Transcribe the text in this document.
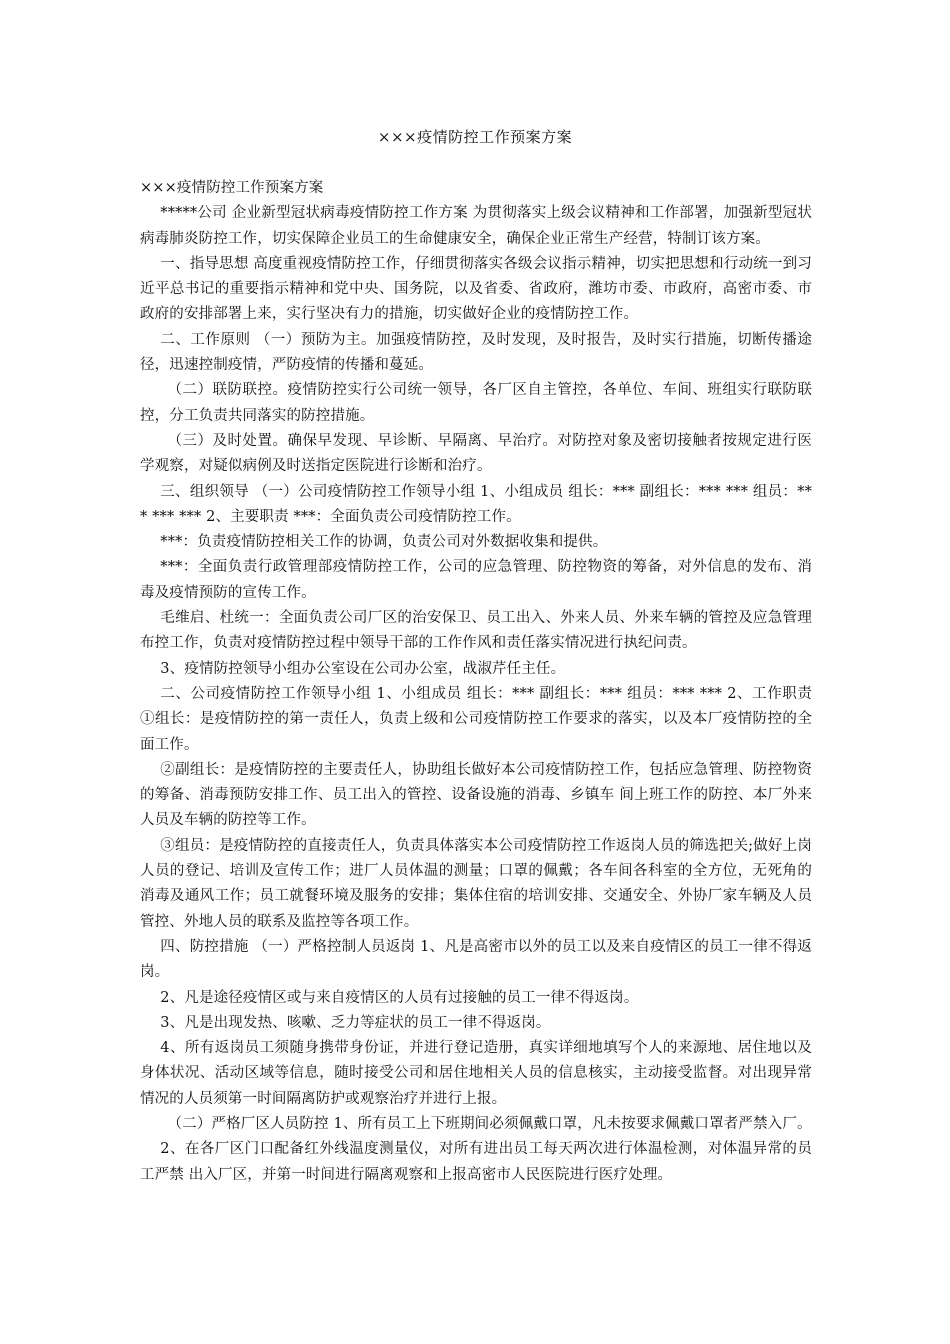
×××疫情防控工作预案方案

×××疫情防控工作预案方案

*****公司 企业新型冠状病毒疫情防控工作方案 为贯彻落实上级会议精神和工作部署，加强新型冠状病毒肺炎防控工作，切实保障企业员工的生命健康安全，确保企业正常生产经营，特制订该方案。

一、指导思想 高度重视疫情防控工作，仔细贯彻落实各级会议指示精神，切实把思想和行动统一到习近平总书记的重要指示精神和党中央、国务院，以及省委、省政府，潍坊市委、市政府，高密市委、市政府的安排部署上来，实行坚决有力的措施，切实做好企业的疫情防控工作。

二、工作原则 （一）预防为主。加强疫情防控，及时发现，及时报告，及时实行措施，切断传播途径，迅速控制疫情，严防疫情的传播和蔓延。

（二）联防联控。疫情防控实行公司统一领导，各厂区自主管控，各单位、车间、班组实行联防联控，分工负责共同落实的防控措施。

（三）及时处置。确保早发现、早诊断、早隔离、早治疗。对防控对象及密切接触者按规定进行医学观察，对疑似病例及时送指定医院进行诊断和治疗。

三、组织领导 （一）公司疫情防控工作领导小组 1、小组成员 组长：*** 副组长：*** *** 组员：*** *** *** 2、主要职责 ***：全面负责公司疫情防控工作。

***：负责疫情防控相关工作的协调，负责公司对外数据收集和提供。

***：全面负责行政管理部疫情防控工作，公司的应急管理、防控物资的筹备，对外信息的发布、消毒及疫情预防的宣传工作。

毛维启、杜统一：全面负责公司厂区的治安保卫、员工出入、外来人员、外来车辆的管控及应急管理布控工作，负责对疫情防控过程中领导干部的工作作风和责任落实情况进行执纪问责。

3、疫情防控领导小组办公室设在公司办公室，战淑芹任主任。

二、公司疫情防控工作领导小组 1、小组成员 组长：*** 副组长：*** 组员：*** *** 2、工作职责 ①组长：是疫情防控的第一责任人，负责上级和公司疫情防控工作要求的落实，以及本厂疫情防控的全面工作。

②副组长：是疫情防控的主要责任人，协助组长做好本公司疫情防控工作，包括应急管理、防控物资的筹备、消毒预防安排工作、员工出入的管控、设备设施的消毒、乡镇车 间上班工作的防控、本厂外来人员及车辆的防控等工作。

③组员：是疫情防控的直接责任人，负责具体落实本公司疫情防控工作返岗人员的筛选把关;做好上岗人员的登记、培训及宣传工作；进厂人员体温的测量；口罩的佩戴；各车间各科室的全方位，无死角的消毒及通风工作；员工就餐环境及服务的安排；集体住宿的培训安排、交通安全、外协厂家车辆及人员管控、外地人员的联系及监控等各项工作。

四、防控措施 （一）严格控制人员返岗 1、凡是高密市以外的员工以及来自疫情区的员工一律不得返岗。

2、凡是途径疫情区或与来自疫情区的人员有过接触的员工一律不得返岗。

3、凡是出现发热、咳嗽、乏力等症状的员工一律不得返岗。

4、所有返岗员工须随身携带身份证，并进行登记造册，真实详细地填写个人的来源地、居住地以及身体状况、活动区域等信息，随时接受公司和居住地相关人员的信息核实，主动接受监督。对出现异常情况的人员须第一时间隔离防护或观察治疗并进行上报。

（二）严格厂区人员防控 1、所有员工上下班期间必须佩戴口罩，凡未按要求佩戴口罩者严禁入厂。

2、在各厂区门口配备红外线温度测量仪，对所有进出员工每天两次进行体温检测，对体温异常的员工严禁 出入厂区，并第一时间进行隔离观察和上报高密市人民医院进行医疗处理。
